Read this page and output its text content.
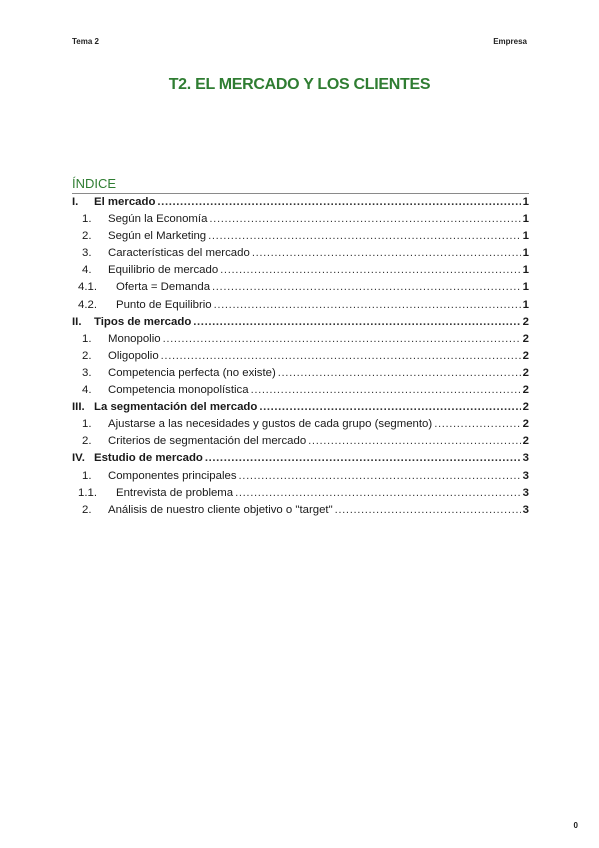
Tema 2	Empresa
T2. EL MERCADO Y LOS CLIENTES
ÍNDICE
I.	El mercado .....	1
1.	Según la Economía .....	1
2.	Según el Marketing .....	1
3.	Características del mercado .....	1
4.	Equilibrio de mercado .....	1
4.1.	Oferta = Demanda .....	1
4.2.	Punto de Equilibrio .....	1
II.	Tipos de mercado .....	2
1.	Monopolio .....	2
2.	Oligopolio .....	2
3.	Competencia perfecta (no existe) .....	2
4.	Competencia monopolística .....	2
III. La segmentación del mercado .....	2
1.	Ajustarse a las necesidades y gustos de cada grupo (segmento) .....	2
2.	Criterios de segmentación del mercado .....	2
IV. Estudio de mercado .....	3
1.	Componentes principales .....	3
1.1.	Entrevista de problema .....	3
2.	Análisis de nuestro cliente objetivo o "target" .....	3
0
